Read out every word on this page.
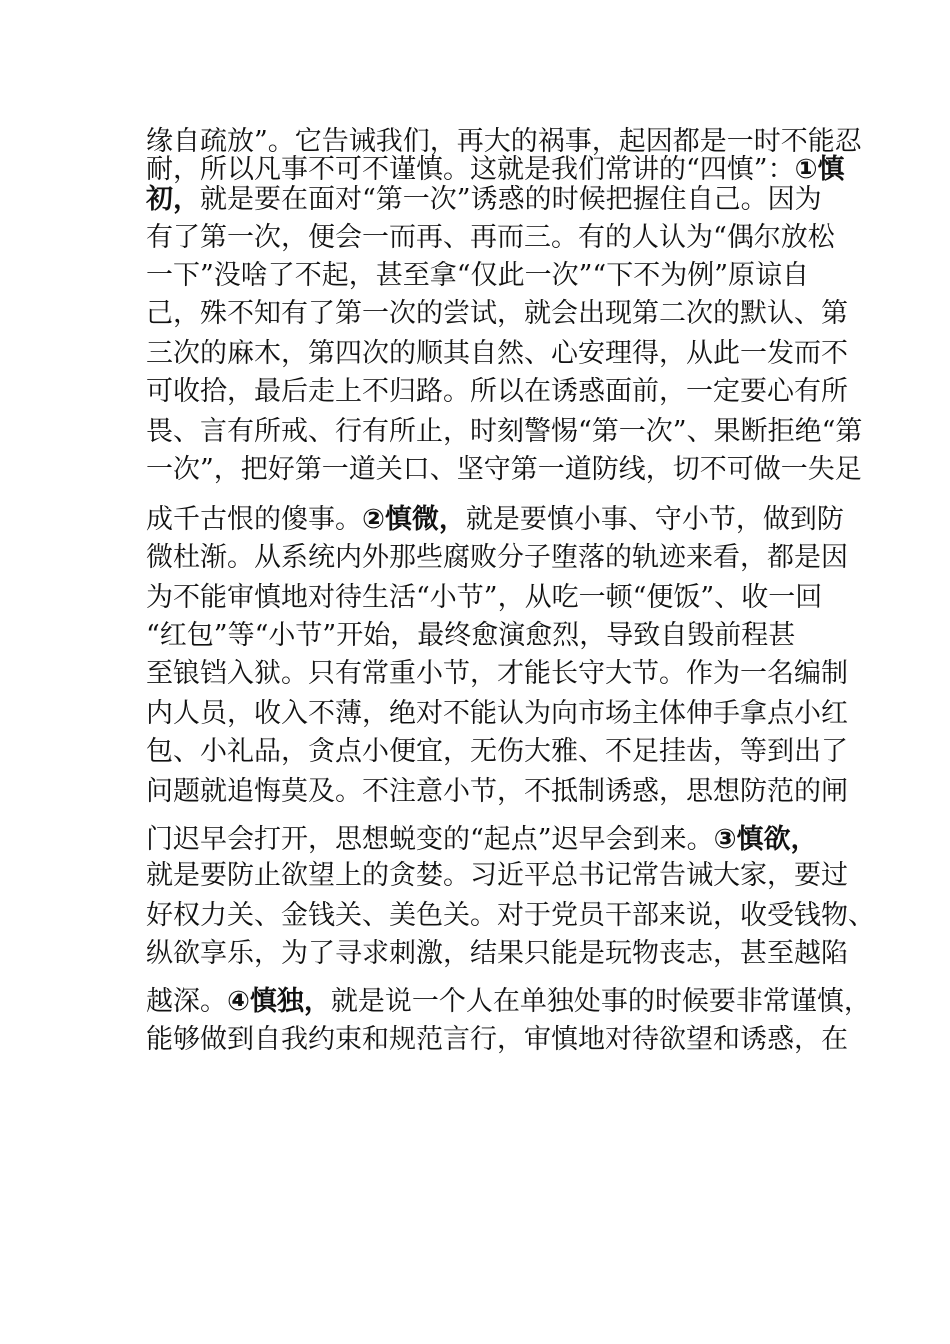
缘自疏放”。它告诫我们，再大的祸事，起因都是一时不能忍
耐，所以凡事不可不谨慎。这就是我们常讲的“四慎”：①慎
初，就是要在面对“第一次”诱惑的时候把握住自己。因为
有了第一次，便会一而再、再而三。有的人认为“偶尔放松
一下”没啥了不起，甚至拿“仅此一次”“下不为例”原谅自
己，殊不知有了第一次的尝试，就会出现第二次的默认、第
三次的麻木，第四次的顺其自然、心安理得，从此一发而不
可收拾，最后走上不归路。所以在诱惑面前，一定要心有所
畏、言有所戒、行有所止，时刻警惕“第一次”、果断拒绝“第
一次”，把好第一道关口、坚守第一道防线，切不可做一失足
成千古恨的傻事。②慎微，就是要慎小事、守小节，做到防
微杜渐。从系统内外那些腐败分子堕落的轨迹来看，都是因
为不能审慎地对待生活“小节”，从吃一顿“便饭”、收一回
“红包”等“小节”开始，最终愈演愈烈，导致自毁前程甚
至锒铛入狱。只有常重小节，才能长守大节。作为一名编制
内人员，收入不薄，绝对不能认为向市场主体伸手拿点小红
包、小礼品，贪点小便宜，无伤大雅、不足挂齿，等到出了
问题就追悔莫及。不注意小节，不抵制诱惑，思想防范的闸
门迟早会打开，思想蜕变的“起点”迟早会到来。③慎欲，
就是要防止欲望上的贪婪。习近平总书记常告诫大家，要过
好权力关、金钱关、美色关。对于党员干部来说，收受钱物、
纵欲享乐，为了寻求刺激，结果只能是玩物丧志，甚至越陷
越深。④慎独，就是说一个人在单独处事的时候要非常谨慎，
能够做到自我约束和规范言行，审慎地对待欲望和诱惑，在
